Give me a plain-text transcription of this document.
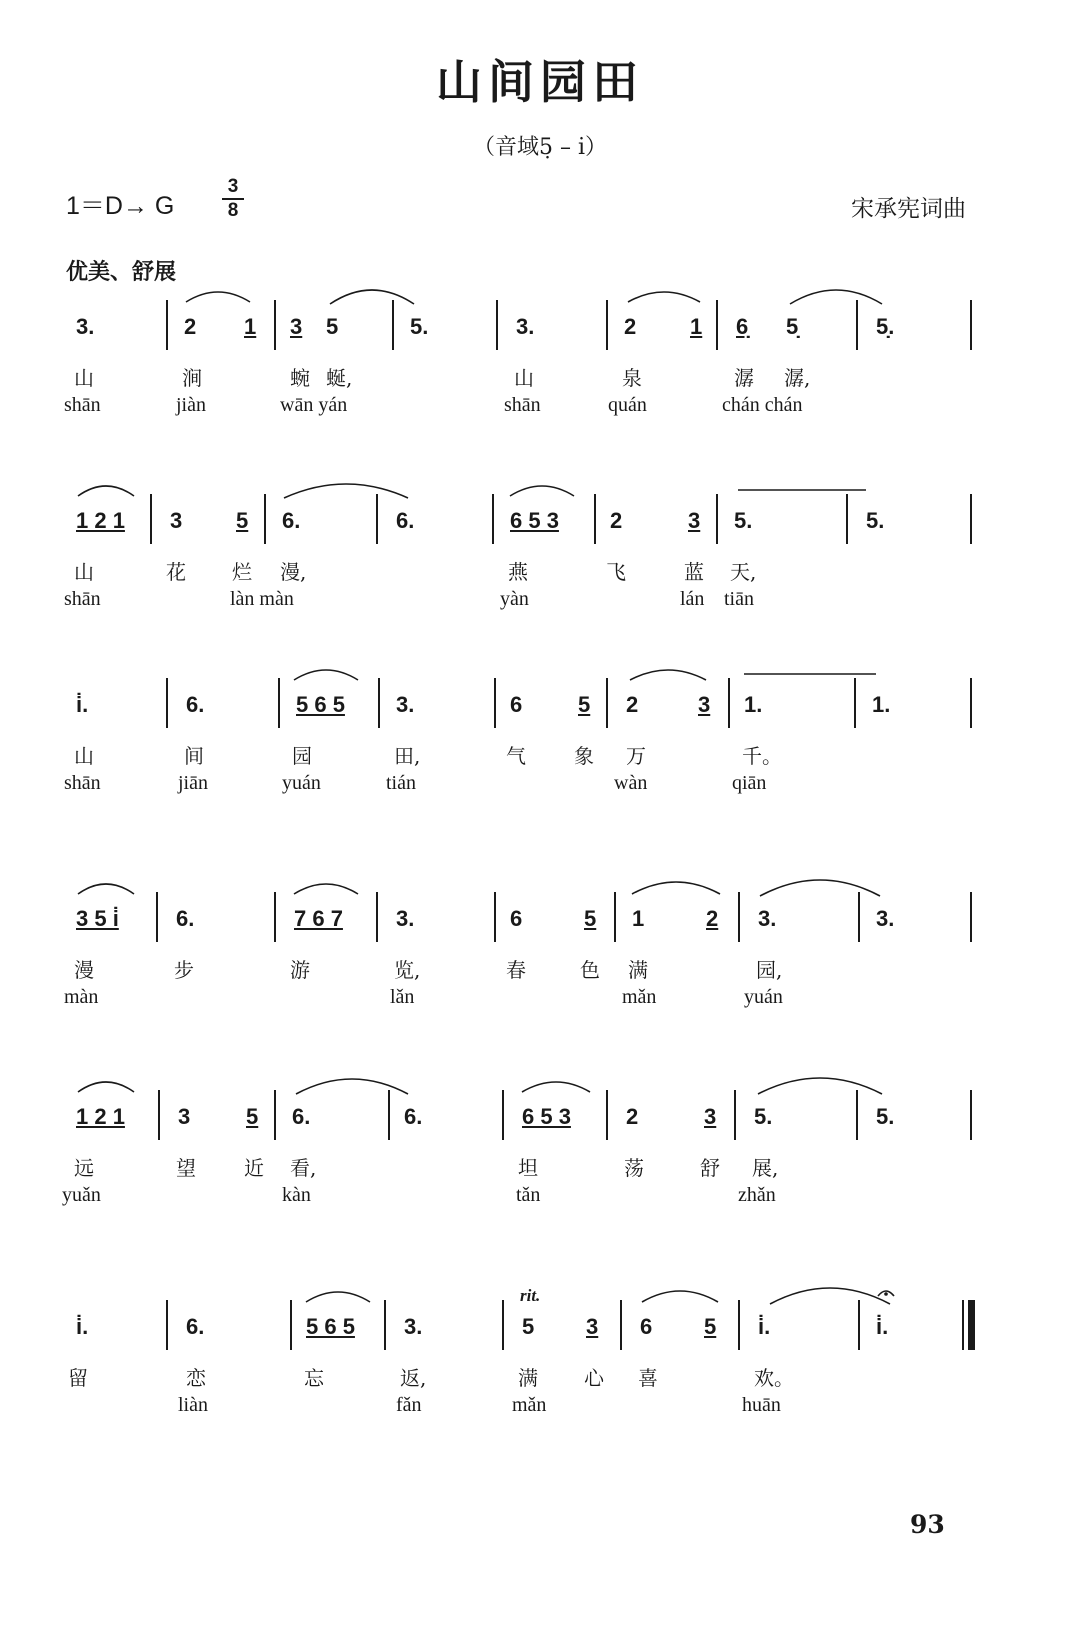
山间园田
（音域5̣ – i̇）
1＝D→ G
3
8	宋承宪词曲
优美、舒展
3.	2 1 3 5	5.	3.	2 1 6̣ 5̣	5̣.
山	涧	蜿 蜒,	山	泉	潺 潺,
shān	jiàn	wān yán	shān	quán	chán chán
1 2 1 3 5 6.	6.	6 5 3 2	3 5.	5.
山	花 烂 漫,	燕	飞	蓝 天,
shān	làn màn	yàn	lán tiān
i̇.	6.	5 6 5 3.	6	5 2	3 1.	1.
山	间	园	田,	气 象 万	千。
shān	jiān	yuán	tián	wàn	qiān
3 5 i̇	6.	7 6 7 3.	6	5 1	2 3.	3.
漫	步	游	览,	春	色 满	园,
màn	lǎn	mǎn	yuán
1 2 1 3	5 6.	6.	6 5 3	2	3 5.	5.
远	望 近 看,	坦	荡	舒 展,
yuǎn	kàn	tǎn	zhǎn
rit.
i̇.	6.	5 6 5 3.	5 3 6 5 i̇.	i̇.
留	恋	忘	返,	满 心 喜	欢。
liàn	fǎn	mǎn	huān
93
